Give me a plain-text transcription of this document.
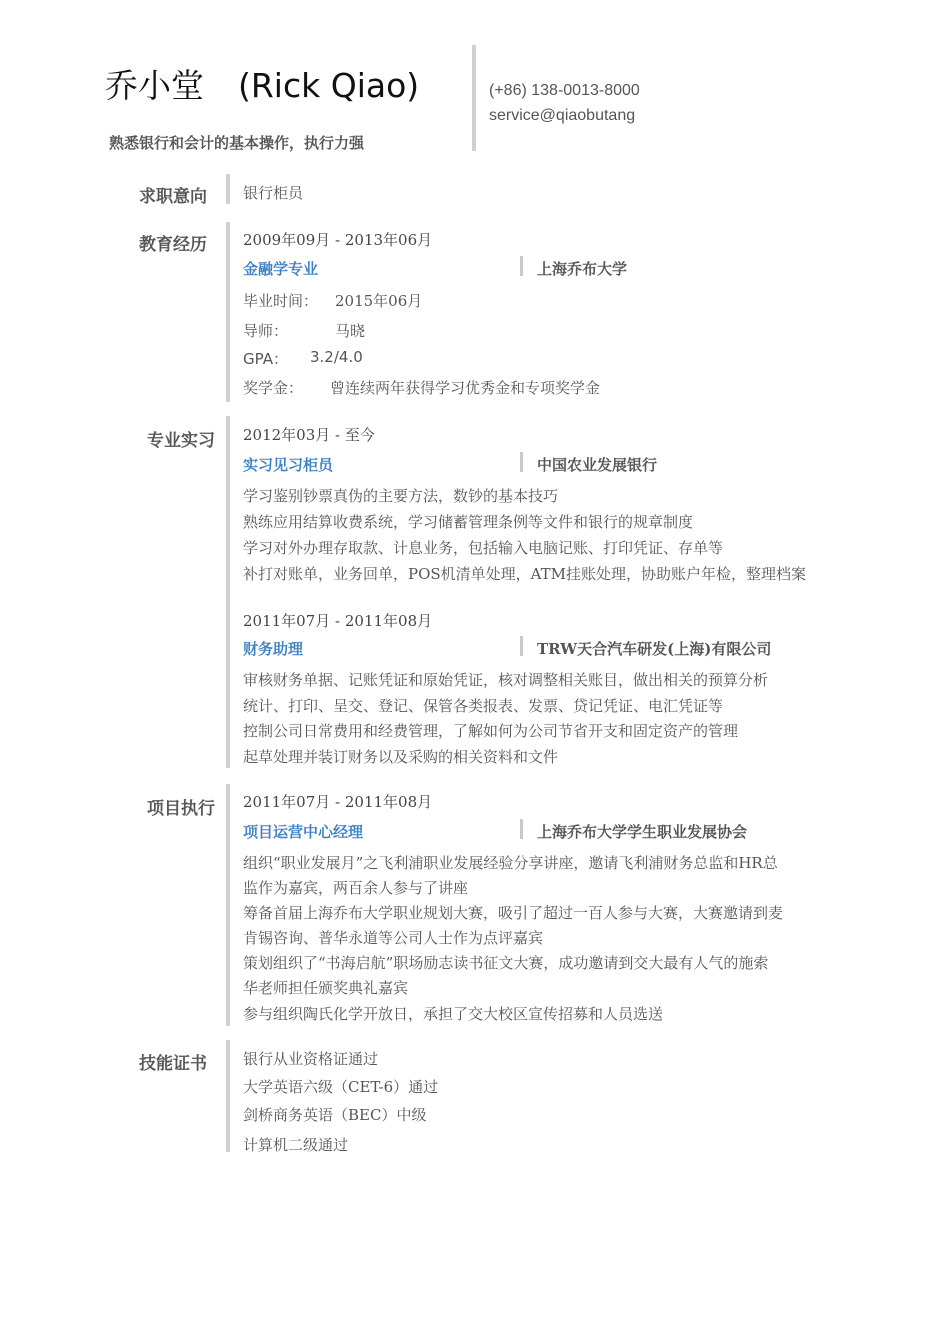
乔小堂 (Rick Qiao)
熟悉银行和会计的基本操作，执行力强
(+86) 138-0013-8000
service@qiaobutang
求职意向 银行柜员
教育经历 2009年09月 - 2013年06月
金融学专业	上海乔布大学
毕业时间： 2015年06月
导师：	马晓
GPA： 3.2/4.0
奖学金： 曾连续两年获得学习优秀金和专项奖学金
专业实习 2012年03月 - 至今
实习见习柜员	中国农业发展银行
学习鉴别钞票真伪的主要方法，数钞的基本技巧
熟练应用结算收费系统，学习储蓄管理条例等文件和银行的规章制度
学习对外办理存取款、计息业务，包括输入电脑记账、打印凭证、存单等
补打对账单，业务回单，POS机清单处理，ATM挂账处理，协助账户年检，整理档案
2011年07月 - 2011年08月
财务助理	TRW天合汽车研发(上海)有限公司
审核财务单据、记账凭证和原始凭证，核对调整相关账目，做出相关的预算分析
统计、打印、呈交、登记、保管各类报表、发票、贷记凭证、电汇凭证等
控制公司日常费用和经费管理，了解如何为公司节省开支和固定资产的管理
起草处理并装订财务以及采购的相关资料和文件
项目执行 2011年07月 - 2011年08月
项目运营中心经理	上海乔布大学学生职业发展协会
组织“职业发展月”之飞利浦职业发展经验分享讲座，邀请飞利浦财务总监和HR总
监作为嘉宾，两百余人参与了讲座
筹备首届上海乔布大学职业规划大赛，吸引了超过一百人参与大赛，大赛邀请到麦
肯锡咨询、普华永道等公司人士作为点评嘉宾
策划组织了“书海启航”职场励志读书征文大赛，成功邀请到交大最有人气的施索
华老师担任颁奖典礼嘉宾
参与组织陶氏化学开放日，承担了交大校区宣传招募和人员选送
技能证书 银行从业资格证通过
大学英语六级（CET-6）通过
剑桥商务英语（BEC）中级
计算机二级通过
